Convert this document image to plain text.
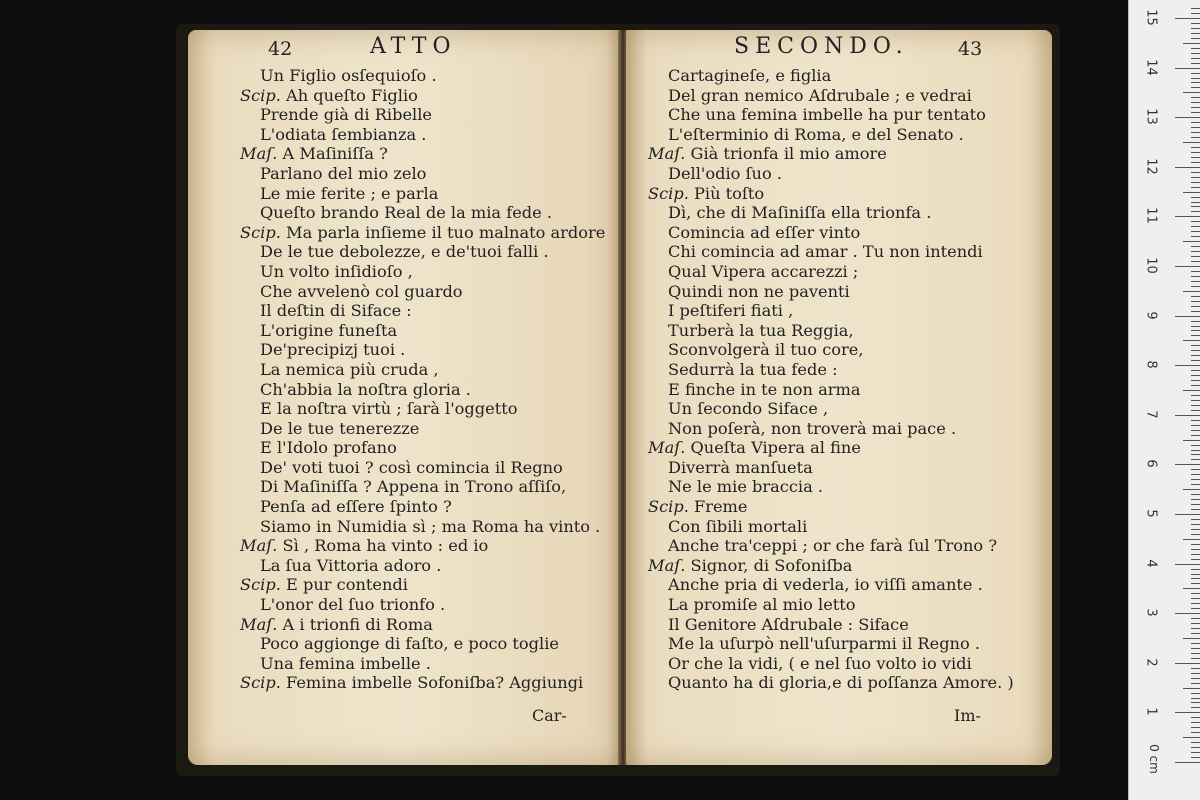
42	ATTO
Un Figlio osſequioſo .
Scip. Ah queſto Figlio
Prende già di Ribelle
L'odiata ſembianza .
Maſ. A Maſiniſſa ?
Parlano del mio zelo
Le mie ferite ; e parla
Queſto brando Real de la mia fede .
Scip. Ma parla inſieme il tuo malnato ardore
De le tue debolezze, e de'tuoi falli .
Un volto inſidioſo ,
Che avvelenò col guardo
Il deſtin di Siface :
L'origine funeſta
De'precipizj tuoi .
La nemica più cruda ,
Ch'abbia la noſtra gloria .
E la noſtra virtù ; ſarà l'oggetto
De le tue tenerezze
E l'Idolo profano
De' voti tuoi ? così comincia il Regno
Di Maſiniſſa ? Appena in Trono aſſiſo,
Penſa ad eſſere ſpinto ?
Siamo in Numidia sì ; ma Roma ha vinto .
Maſ. Sì , Roma ha vinto : ed io
La ſua Vittoria adoro .
Scip. E pur contendi
L'onor del ſuo trionfo .
Maſ. A i trionfi di Roma
Poco aggionge di faſto, e poco toglie
Una femina imbelle .
Scip. Femina imbelle Sofoniſba? Aggiungi
Car-
SECONDO.	43
Cartagineſe, e figlia
Del gran nemico Aſdrubale ; e vedrai
Che una femina imbelle ha pur tentato
L'eſterminio di Roma, e del Senato .
Maſ. Già trionfa il mio amore
Dell'odio ſuo .
Scip. Più toſto
Dì, che di Maſiniſſa ella trionfa .
Comincia ad eſſer vinto
Chi comincia ad amar . Tu non intendi
Qual Vipera accarezzi ;
Quindi non ne paventi
I peſtiferi fiati ,
Turberà la tua Reggia,
Sconvolgerà il tuo core,
Sedurrà la tua fede :
E finche in te non arma
Un ſecondo Siface ,
Non poſerà, non troverà mai pace .
Maſ. Queſta Vipera al fine
Diverrà manſueta
Ne le mie braccia .
Scip. Freme
Con ſibili mortali
Anche tra'ceppi ; or che farà ſul Trono ?
Maſ. Signor, di Sofoniſba
Anche pria di vederla, io viſſi amante .
La promiſe al mio letto
Il Genitore Aſdrubale : Siface
Me la uſurpò nell'uſurparmi il Regno .
Or che la vidi, ( e nel ſuo volto io vidi
Quanto ha di gloria,e di poſſanza Amore. )
Im-
0 cm
1
2
3
4
5
6
7
8
9
10
11
12
13
14
15
